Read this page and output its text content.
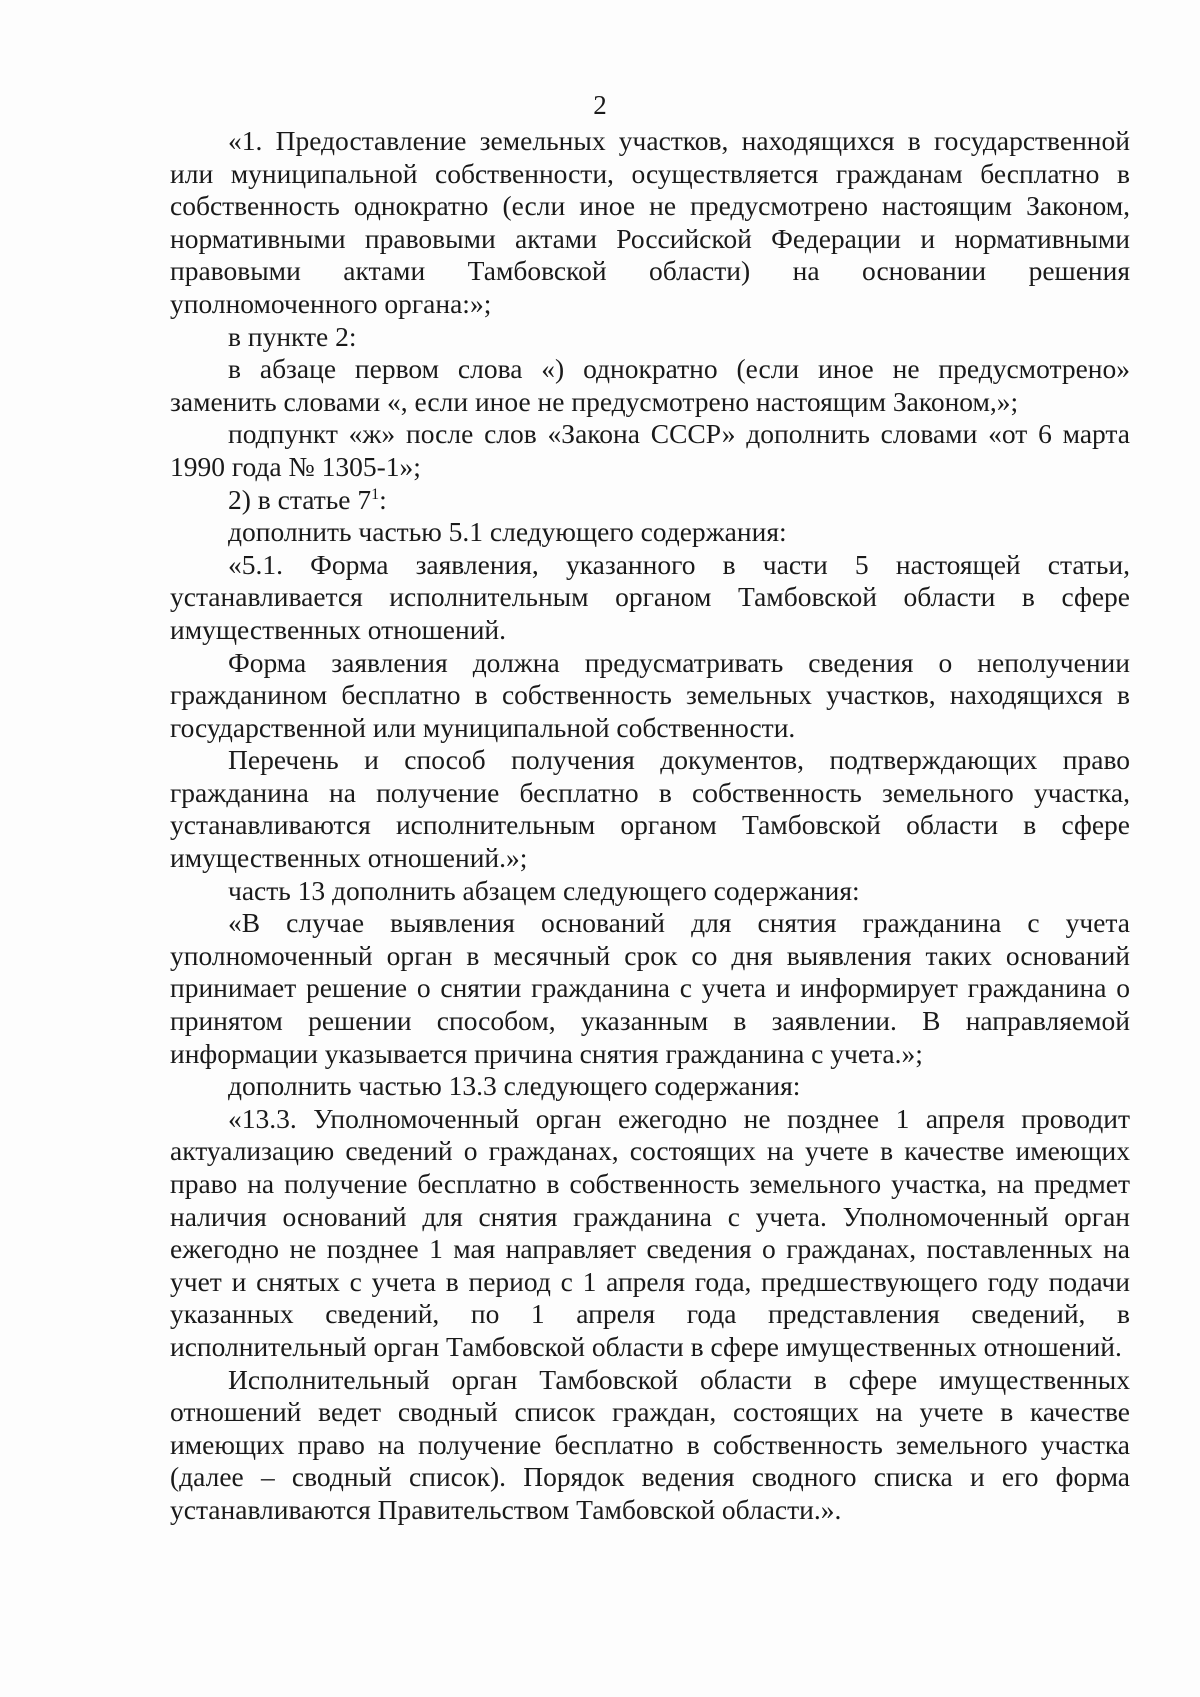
2

«1. Предоставление земельных участков, находящихся в государственной или муниципальной собственности, осуществляется гражданам бесплатно в собственность однократно (если иное не предусмотрено настоящим Законом, нормативными правовыми актами Российской Федерации и нормативными правовыми актами Тамбовской области) на основании решения уполномоченного органа:»;

в пункте 2:

в абзаце первом слова «) однократно (если иное не предусмотрено» заменить словами «, если иное не предусмотрено настоящим Законом,»;

подпункт «ж» после слов «Закона СССР» дополнить словами «от 6 марта 1990 года № 1305-1»;

2) в статье $7^1$:

дополнить частью 5.1 следующего содержания:

«5.1. Форма заявления, указанного в части 5 настоящей статьи, устанавливается исполнительным органом Тамбовской области в сфере имущественных отношений.

Форма заявления должна предусматривать сведения о неполучении гражданином бесплатно в собственность земельных участков, находящихся в государственной или муниципальной собственности.

Перечень и способ получения документов, подтверждающих право гражданина на получение бесплатно в собственность земельного участка, устанавливаются исполнительным органом Тамбовской области в сфере имущественных отношений.»;

часть 13 дополнить абзацем следующего содержания:

«В случае выявления оснований для снятия гражданина с учета уполномоченный орган в месячный срок со дня выявления таких оснований принимает решение о снятии гражданина с учета и информирует гражданина о принятом решении способом, указанным в заявлении. В направляемой информации указывается причина снятия гражданина с учета.»;

дополнить частью 13.3 следующего содержания:

«13.3. Уполномоченный орган ежегодно не позднее 1 апреля проводит актуализацию сведений о гражданах, состоящих на учете в качестве имеющих право на получение бесплатно в собственность земельного участка, на предмет наличия оснований для снятия гражданина с учета. Уполномоченный орган ежегодно не позднее 1 мая направляет сведения о гражданах, поставленных на учет и снятых с учета в период с 1 апреля года, предшествующего году подачи указанных сведений, по 1 апреля года представления сведений, в исполнительный орган Тамбовской области в сфере имущественных отношений.

Исполнительный орган Тамбовской области в сфере имущественных отношений ведет сводный список граждан, состоящих на учете в качестве имеющих право на получение бесплатно в собственность земельного участка (далее – сводный список). Порядок ведения сводного списка и его форма устанавливаются Правительством Тамбовской области.».
